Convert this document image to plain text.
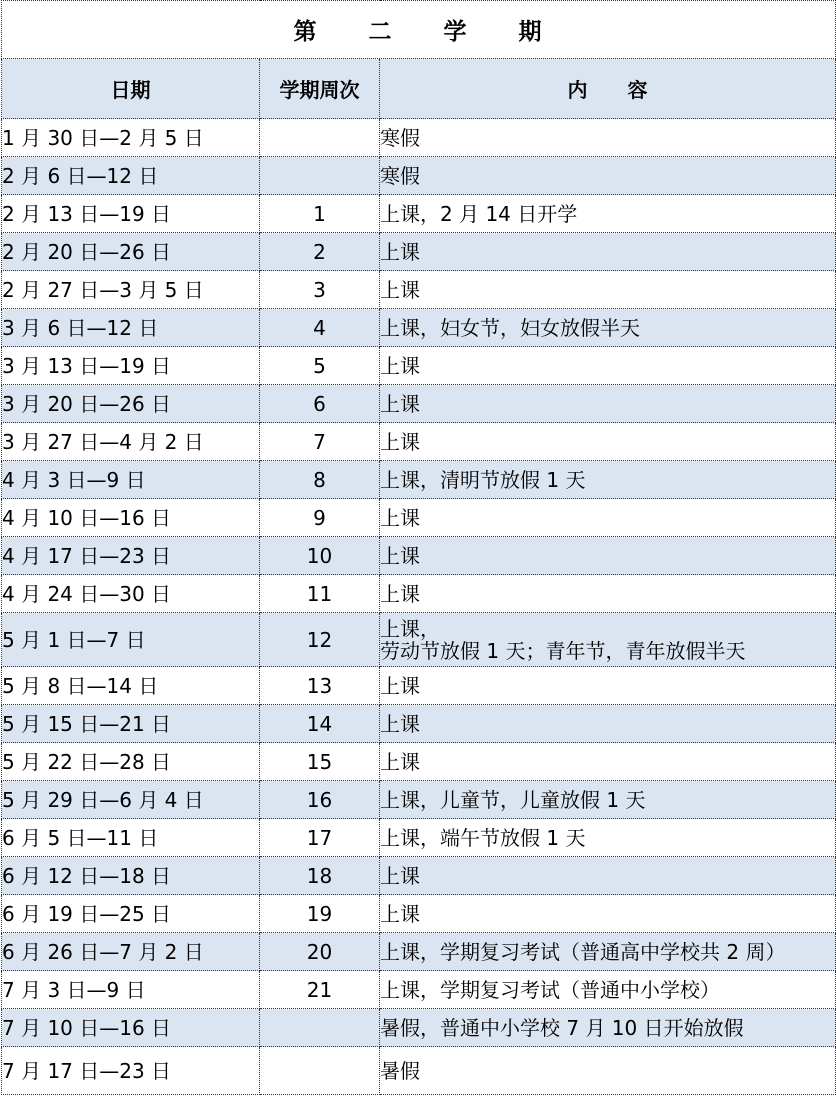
第　　二　　学　　期		
日期	学期周次	内　　容
1 月 30 日—2 月 5 日		寒假
2 月 6 日—12 日		寒假
2 月 13 日—19 日	1	上课，2 月 14 日开学
2 月 20 日—26 日	2	上课
2 月 27 日—3 月 5 日	3	上课
3 月 6 日—12 日	4	上课，妇女节，妇女放假半天
3 月 13 日—19 日	5	上课
3 月 20 日—26 日	6	上课
3 月 27 日—4 月 2 日	7	上课
4 月 3 日—9 日	8	上课，清明节放假 1 天
4 月 10 日—16 日	9	上课
4 月 17 日—23 日	10	上课
4 月 24 日—30 日	11	上课
5 月 1 日—7 日	12	上课，
劳动节放假 1 天；青年节，青年放假半天

5 月 8 日—14 日	13	上课
5 月 15 日—21 日	14	上课
5 月 22 日—28 日	15	上课
5 月 29 日—6 月 4 日	16	上课，儿童节，儿童放假 1 天
6 月 5 日—11 日	17	上课，端午节放假 1 天
6 月 12 日—18 日	18	上课
6 月 19 日—25 日	19	上课
6 月 26 日—7 月 2 日	20	上课，学期复习考试（普通高中学校共 2 周）
7 月 3 日—9 日	21	上课，学期复习考试（普通中小学校）
7 月 10 日—16 日		暑假，普通中小学校 7 月 10 日开始放假
7 月 17 日—23 日		暑假
